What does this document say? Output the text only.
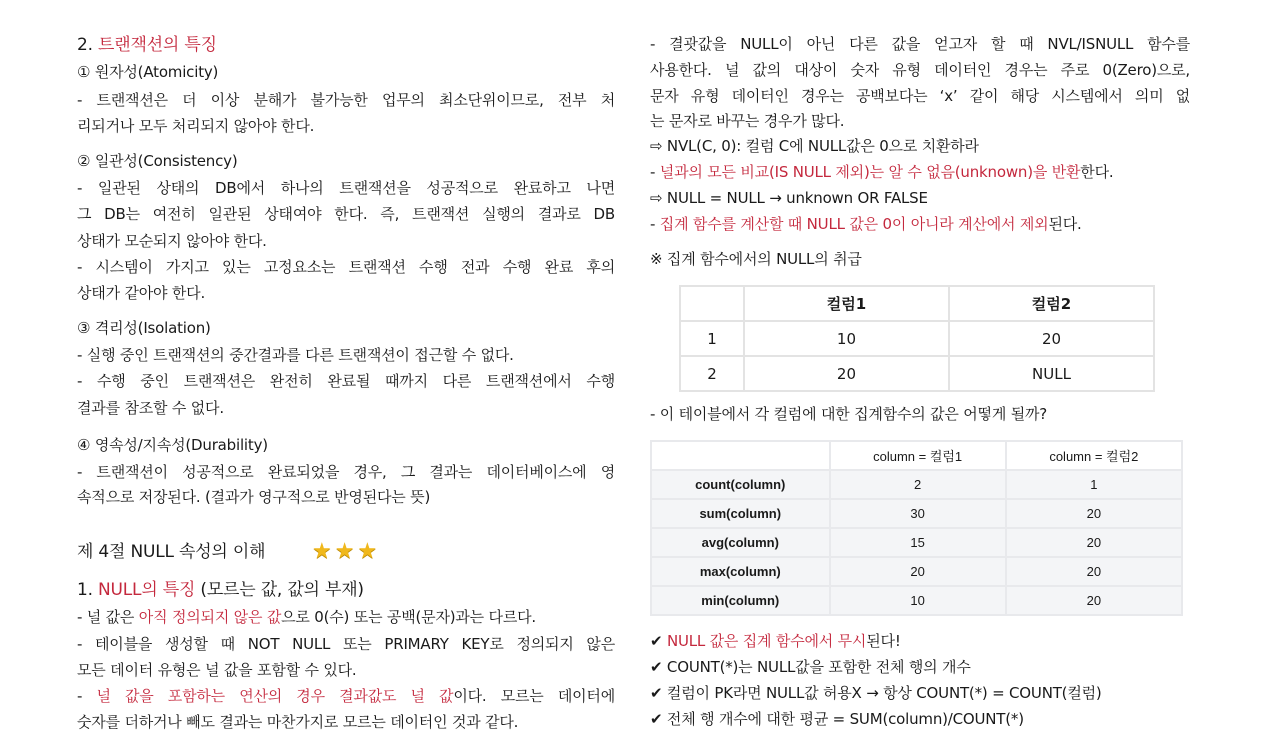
2. 트랜잭션의 특징
① 원자성(Atomicity)
- 트랜잭션은 더 이상 분해가 불가능한 업무의 최소단위이므로, 전부 처
리되거나 모두 처리되지 않아야 한다.
② 일관성(Consistency)
- 일관된 상태의 DB에서 하나의 트랜잭션을 성공적으로 완료하고 나면
그 DB는 여전히 일관된 상태여야 한다. 즉, 트랜잭션 실행의 결과로 DB
상태가 모순되지 않아야 한다.
- 시스템이 가지고 있는 고정요소는 트랜잭션 수행 전과 수행 완료 후의
상태가 같아야 한다.
③ 격리성(Isolation)
- 실행 중인 트랜잭션의 중간결과를 다른 트랜잭션이 접근할 수 없다.
- 수행 중인 트랜잭션은 완전히 완료될 때까지 다른 트랜잭션에서 수행
결과를 참조할 수 없다.
④ 영속성/지속성(Durability)
- 트랜잭션이 성공적으로 완료되었을 경우, 그 결과는 데이터베이스에 영
속적으로 저장된다. (결과가 영구적으로 반영된다는 뜻)
제 4절 NULL 속성의 이해
1. NULL의 특징 (모르는 값, 값의 부재)
- 널 값은 아직 정의되지 않은 값으로 0(수) 또는 공백(문자)과는 다르다.
- 테이블을 생성할 때 NOT NULL 또는 PRIMARY KEY로 정의되지 않은
모든 데이터 유형은 널 값을 포함할 수 있다.
- 널 값을 포함하는 연산의 경우 결과값도 널 값이다. 모르는 데이터에
숫자를 더하거나 빼도 결과는 마찬가지로 모르는 데이터인 것과 같다.
- 결괏값을 NULL이 아닌 다른 값을 얻고자 할 때 NVL/ISNULL 함수를
사용한다. 널 값의 대상이 숫자 유형 데이터인 경우는 주로 0(Zero)으로,
문자 유형 데이터인 경우는 공백보다는 ‘x’ 같이 해당 시스템에서 의미 없
는 문자로 바꾸는 경우가 많다.
⇨ NVL(C, 0): 컬럼 C에 NULL값은 0으로 치환하라
- 널과의 모든 비교(IS NULL 제외)는 알 수 없음(unknown)을 반환한다.
⇨ NULL = NULL → unknown OR FALSE
- 집계 함수를 계산할 때 NULL 값은 0이 아니라 계산에서 제외된다.
※ 집계 함수에서의 NULL의 취급
- 이 테이블에서 각 컬럼에 대한 집계함수의 값은 어떻게 될까?
✔ NULL 값은 집계 함수에서 무시된다!
✔ COUNT(*)는 NULL값을 포함한 전체 행의 개수
✔ 컬럼이 PK라면 NULL값 허용X → 항상 COUNT(*) = COUNT(컬럼)
✔ 전체 행 개수에 대한 평균 = SUM(column)/COUNT(*)
★ ★ ★
	컬럼1	컬럼2
1	10	20
2	20	NULL
	column = 컬럼1	column = 컬럼2
count(column)	2	1
sum(column)	30	20
avg(column)	15	20
max(column)	20	20
min(column)	10	20
